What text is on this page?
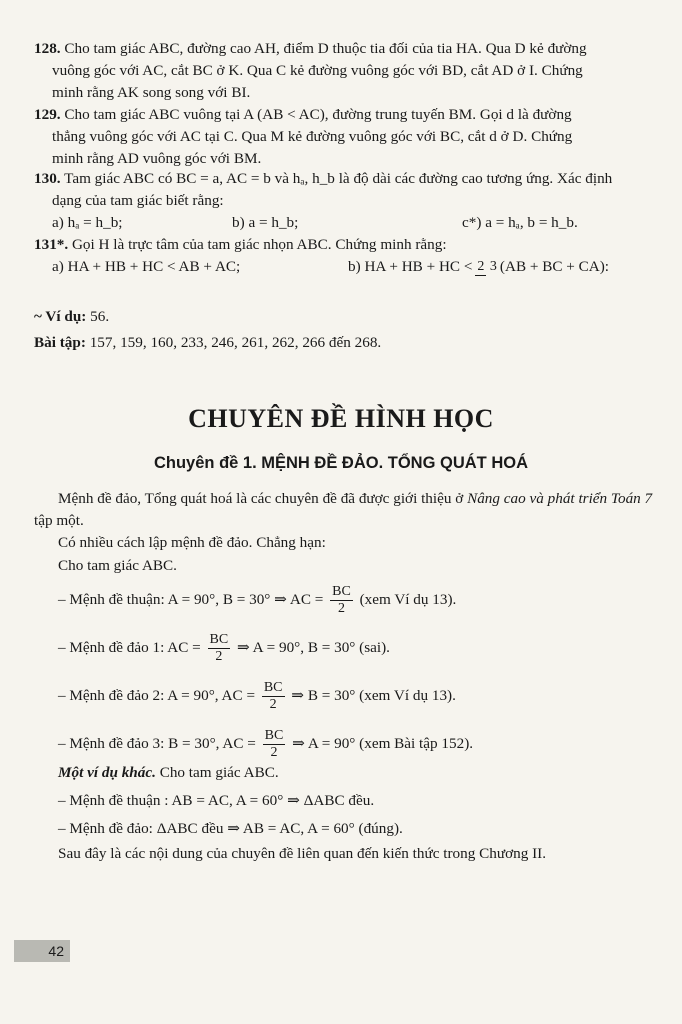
128. Cho tam giác ABC, đường cao AH, điểm D thuộc tia đối của tia HA. Qua D kẻ đường
vuông góc với AC, cắt BC ở K. Qua C kẻ đường vuông góc với BD, cắt AD ở I. Chứng
minh rằng AK song song với BI.
129. Cho tam giác ABC vuông tại A (AB < AC), đường trung tuyến BM. Gọi d là đường
thẳng vuông góc với AC tại C. Qua M kẻ đường vuông góc với BC, cắt d ở D. Chứng
minh rằng AD vuông góc với BM.
130. Tam giác ABC có BC = a, AC = b và hₐ, h_b là độ dài các đường cao tương ứng. Xác định
dạng của tam giác biết rằng:
a) hₐ = h_b;	b) a = h_b;	c*) a = hₐ, b = h_b.
131*. Gọi H là trực tâm của tam giác nhọn ABC. Chứng minh rằng:
a) HA + HB + HC < AB + AC;	b) HA + HB + HC < 2 3 (AB + BC + CA):
~ Ví dụ: 56.
Bài tập: 157, 159, 160, 233, 246, 261, 262, 266 đến 268.
CHUYÊN ĐỀ HÌNH HỌC
Chuyên đề 1. MỆNH ĐỀ ĐẢO. TỔNG QUÁT HOÁ
Mệnh đề đảo, Tổng quát hoá là các chuyên đề đã được giới thiệu ở Nâng cao và phát triển Toán 7 tập một.
Có nhiều cách lập mệnh đề đảo. Chẳng hạn:
Cho tam giác ABC.
– Mệnh đề thuận: A = 90°, B = 30° ⇒ AC = $\frac{BC}{2} (xem$ Ví dụ 13).
– Mệnh đề đảo 1: AC = $\frac{BC}{2}$ ⇒ A = 90°, B = 30° (sai).
– Mệnh đề đảo 2: A = 90°, AC = $\frac{BC}{2}$ ⇒ B = 30° (xem Ví dụ 13).
– Mệnh đề đảo 3: B = 30°, AC = $\frac{BC}{2}$ ⇒ A = 90° (xem Bài tập 152).
Một ví dụ khác. Cho tam giác ABC.
– Mệnh đề thuận : AB = AC, A = 60° ⇒ ΔABC đều.
– Mệnh đề đảo: ΔABC đều ⇒ AB = AC, A = 60° (đúng).
Sau đây là các nội dung của chuyên đề liên quan đến kiến thức trong Chương II.
42
